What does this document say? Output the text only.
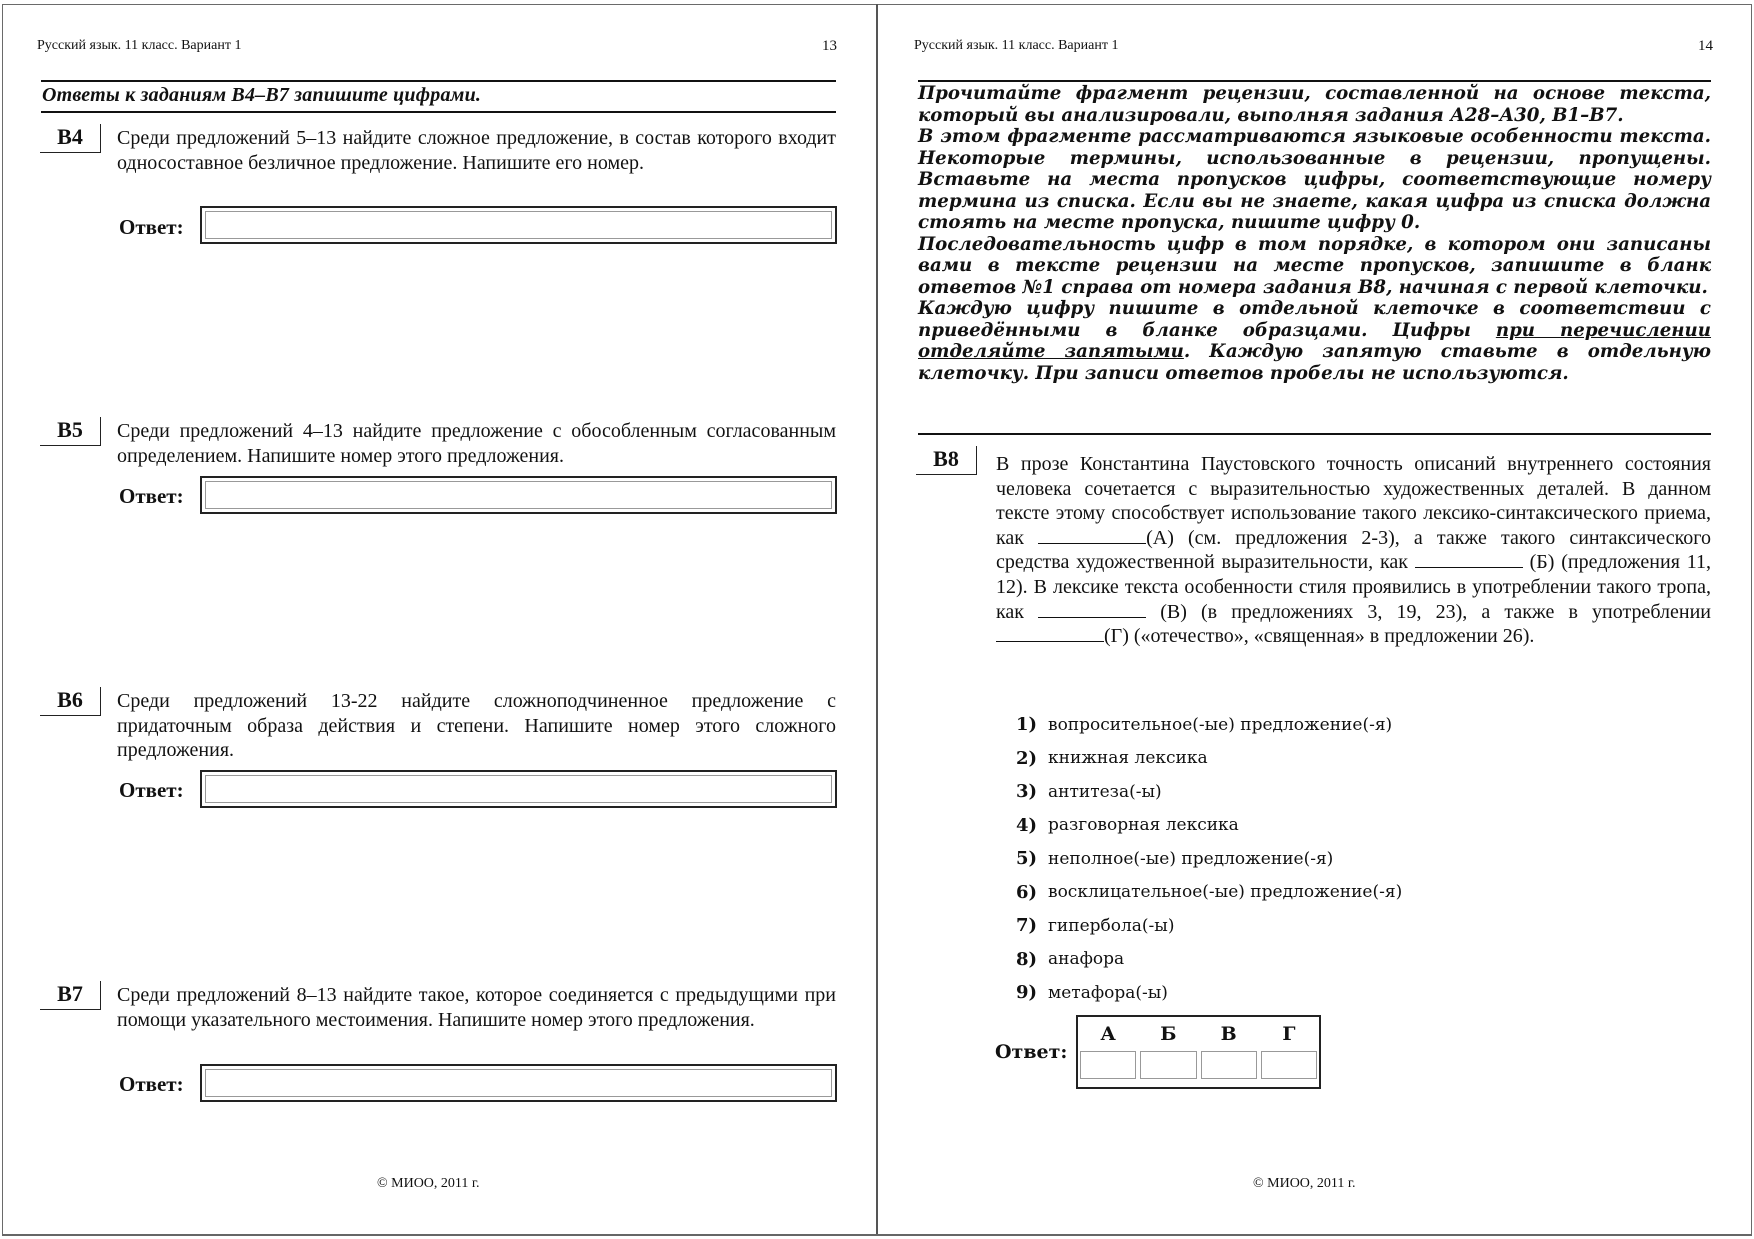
Русский язык. 11 класс. Вариант 1	13
Ответы к заданиям В4–В7 запишите цифрами.
В4	Среди предложений 5–13 найдите сложное предложение, в состав которого входит односоставное безличное предложение. Напишите его номер.
Ответ:
В5	Среди предложений 4–13 найдите предложение с обособленным согласованным определением. Напишите номер этого предложения.
Ответ:
В6	Среди предложений 13-22 найдите сложноподчиненное предложение с придаточным образа действия и степени. Напишите номер этого сложного предложения.
Ответ:
В7	Среди предложений 8–13 найдите такое, которое соединяется с предыдущими при помощи указательного местоимения. Напишите номер этого предложения.
Ответ:
© МИОО, 2011 г.
Русский язык. 11 класс. Вариант 1	14

Прочитайте фрагмент рецензии, составленной на основе текста, который вы анализировали, выполняя задания А28–А30, В1–В7.

В этом фрагменте рассматриваются языковые особенности текста. Некоторые термины, использованные в рецензии, пропущены. Вставьте на места пропусков цифры, соответствующие номеру термина из списка. Если вы не знаете, какая цифра из списка должна стоять на месте пропуска, пишите цифру 0.

Последовательность цифр в том порядке, в котором они записаны вами в тексте рецензии на месте пропусков, запишите в бланк ответов №1 справа от номера задания В8, начиная с первой клеточки.

Каждую цифру пишите в отдельной клеточке в соответствии с приведёнными в бланке образцами. Цифры при перечислении отделяйте запятыми. Каждую запятую ставьте в отдельную клеточку. При записи ответов пробелы не используются.

В8	В прозе Константина Паустовского точность описаний внутреннего состояния человека сочетается с выразительностью художественных деталей. В данном тексте этому способствует использование такого лексико-синтаксического приема, как	(А) (см. предложения 2-3), а также такого синтаксического средства художественной выразительности, как	(Б) (предложения 11, 12). В лексике текста особенности стиля проявились в употреблении такого тропа, как	(В) (в предложениях 3, 19, 23), а также в употреблении (Г) («отечество», «священная» в предложении 26).
1) вопросительное(-ые) предложение(-я)
2) книжная лексика
3) антитеза(-ы)
4) разговорная лексика
5) неполное(-ые) предложение(-я)
6) восклицательное(-ые) предложение(-я)
7) гипербола(-ы)
8) анафора
9) метафора(-ы)
Ответ:
А	Б	В	Г
© МИОО, 2011 г.
